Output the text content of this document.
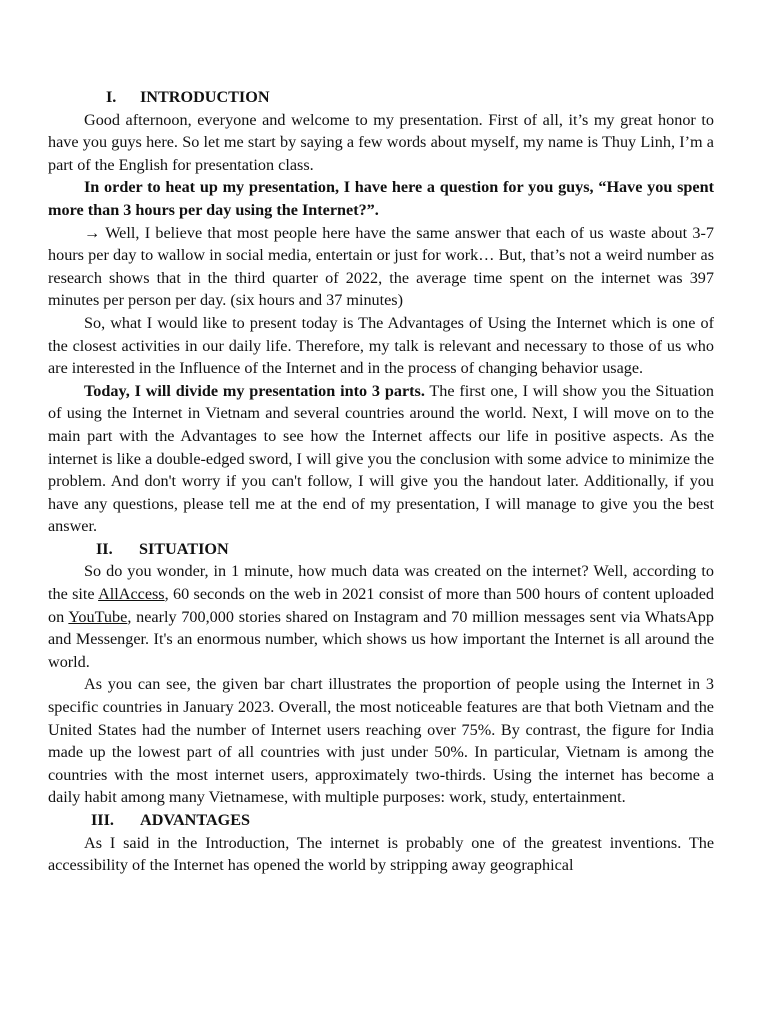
I.	INTRODUCTION

Good afternoon, everyone and welcome to my presentation. First of all, it’s my great honor to have you guys here. So let me start by saying a few words about myself, my name is Thuy Linh, I’m a part of the English for presentation class.

In order to heat up my presentation, I have here a question for you guys, “Have you spent more than 3 hours per day using the Internet?”.

→ Well, I believe that most people here have the same answer that each of us waste about 3-7 hours per day to wallow in social media, entertain or just for work… But, that’s not a weird number as research shows that in the third quarter of 2022, the average time spent on the internet was 397 minutes per person per day. (six hours and 37 minutes)

So, what I would like to present today is The Advantages of Using the Internet which is one of the closest activities in our daily life. Therefore, my talk is relevant and necessary to those of us who are interested in the Influence of the Internet and in the process of changing behavior usage.

Today, I will divide my presentation into 3 parts. The first one, I will show you the Situation of using the Internet in Vietnam and several countries around the world. Next, I will move on to the main part with the Advantages to see how the Internet affects our life in positive aspects. As the internet is like a double-edged sword, I will give you the conclusion with some advice to minimize the problem. And don't worry if you can't follow, I will give you the handout later. Additionally, if you have any questions, please tell me at the end of my presentation, I will manage to give you the best answer.

II.	SITUATION

So do you wonder, in 1 minute, how much data was created on the internet? Well, according to the site AllAccess, 60 seconds on the web in 2021 consist of more than 500 hours of content uploaded on YouTube, nearly 700,000 stories shared on Instagram and 70 million messages sent via WhatsApp and Messenger. It's an enormous number, which shows us how important the Internet is all around the world.

As you can see, the given bar chart illustrates the proportion of people using the Internet in 3 specific countries in January 2023. Overall, the most noticeable features are that both Vietnam and the United States had the number of Internet users reaching over 75%. By contrast, the figure for India made up the lowest part of all countries with just under 50%. In particular, Vietnam is among the countries with the most internet users, approximately two-thirds. Using the internet has become a daily habit among many Vietnamese, with multiple purposes: work, study, entertainment.

III.	ADVANTAGES

As I said in the Introduction, The internet is probably one of the greatest inventions. The accessibility of the Internet has opened the world by stripping away geographical
